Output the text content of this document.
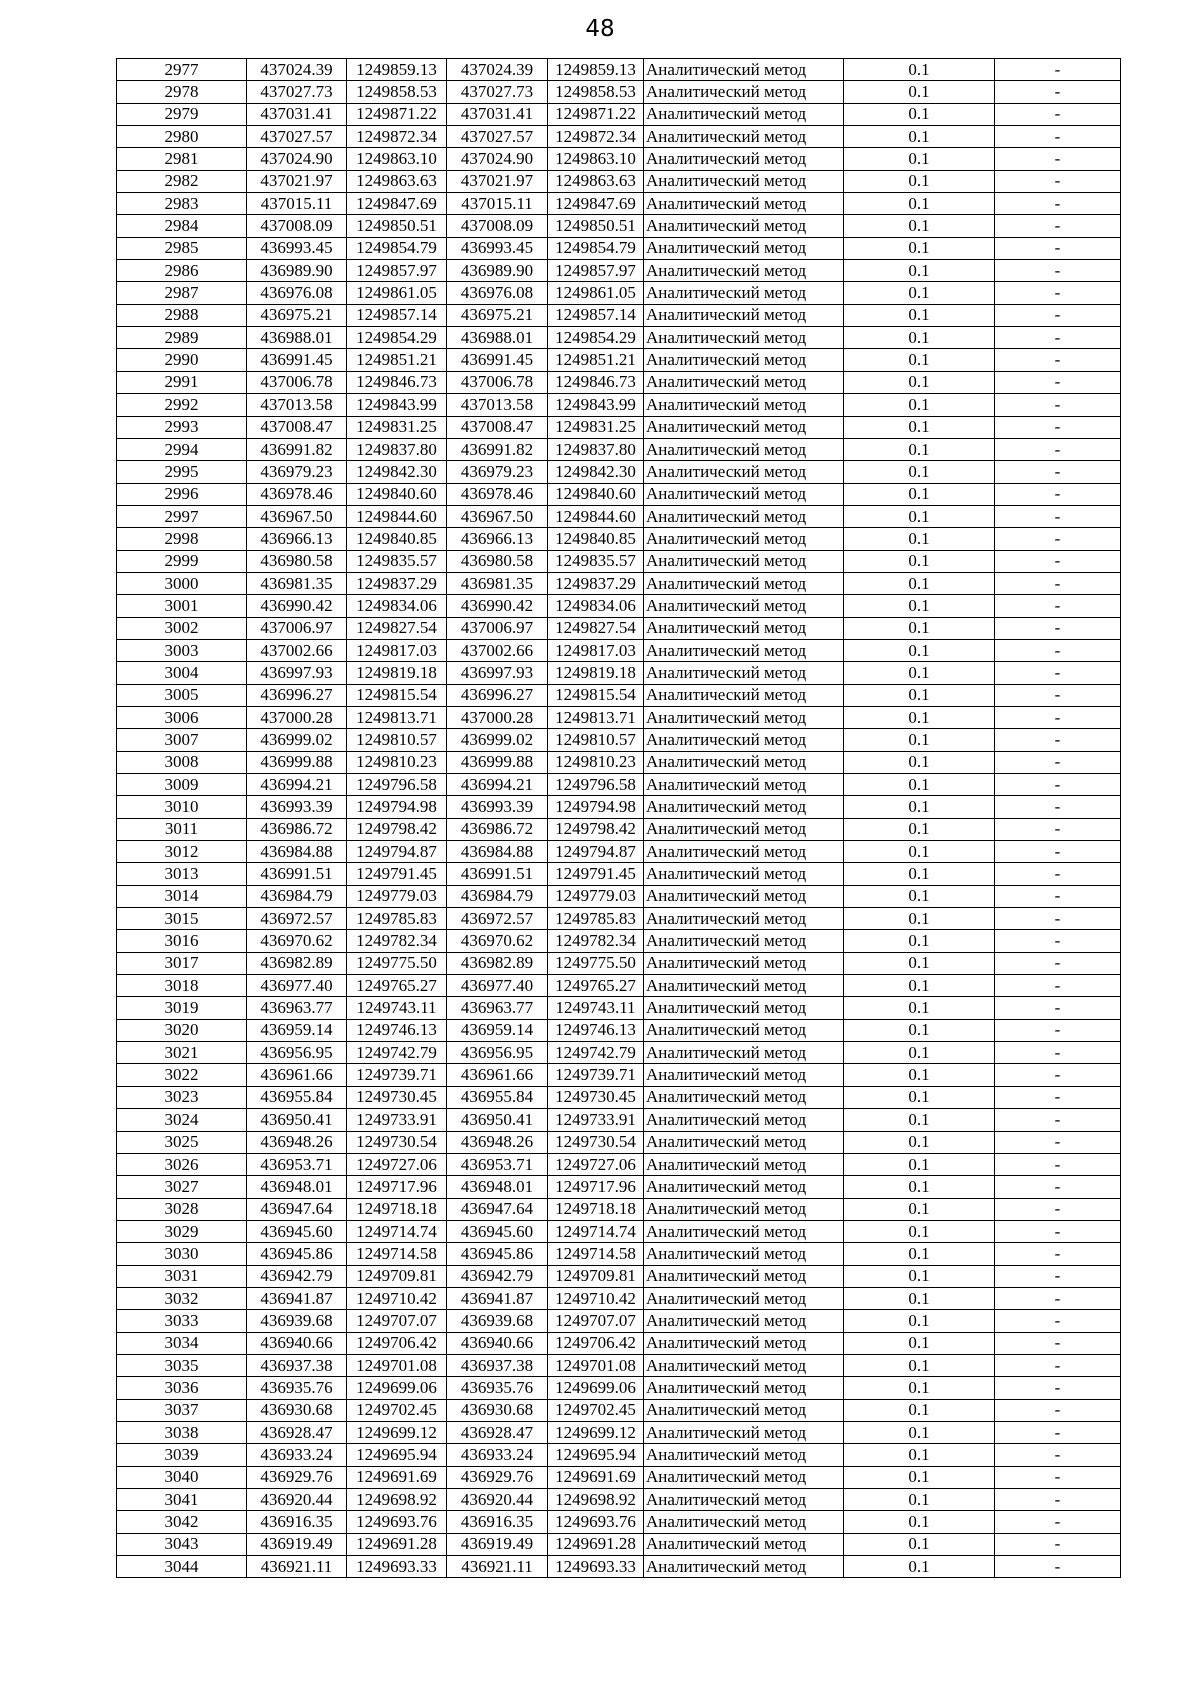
48
2977	437024.39	1249859.13	437024.39	1249859.13	Аналитический метод	0.1	-
2978	437027.73	1249858.53	437027.73	1249858.53	Аналитический метод	0.1	-
2979	437031.41	1249871.22	437031.41	1249871.22	Аналитический метод	0.1	-
2980	437027.57	1249872.34	437027.57	1249872.34	Аналитический метод	0.1	-
2981	437024.90	1249863.10	437024.90	1249863.10	Аналитический метод	0.1	-
2982	437021.97	1249863.63	437021.97	1249863.63	Аналитический метод	0.1	-
2983	437015.11	1249847.69	437015.11	1249847.69	Аналитический метод	0.1	-
2984	437008.09	1249850.51	437008.09	1249850.51	Аналитический метод	0.1	-
2985	436993.45	1249854.79	436993.45	1249854.79	Аналитический метод	0.1	-
2986	436989.90	1249857.97	436989.90	1249857.97	Аналитический метод	0.1	-
2987	436976.08	1249861.05	436976.08	1249861.05	Аналитический метод	0.1	-
2988	436975.21	1249857.14	436975.21	1249857.14	Аналитический метод	0.1	-
2989	436988.01	1249854.29	436988.01	1249854.29	Аналитический метод	0.1	-
2990	436991.45	1249851.21	436991.45	1249851.21	Аналитический метод	0.1	-
2991	437006.78	1249846.73	437006.78	1249846.73	Аналитический метод	0.1	-
2992	437013.58	1249843.99	437013.58	1249843.99	Аналитический метод	0.1	-
2993	437008.47	1249831.25	437008.47	1249831.25	Аналитический метод	0.1	-
2994	436991.82	1249837.80	436991.82	1249837.80	Аналитический метод	0.1	-
2995	436979.23	1249842.30	436979.23	1249842.30	Аналитический метод	0.1	-
2996	436978.46	1249840.60	436978.46	1249840.60	Аналитический метод	0.1	-
2997	436967.50	1249844.60	436967.50	1249844.60	Аналитический метод	0.1	-
2998	436966.13	1249840.85	436966.13	1249840.85	Аналитический метод	0.1	-
2999	436980.58	1249835.57	436980.58	1249835.57	Аналитический метод	0.1	-
3000	436981.35	1249837.29	436981.35	1249837.29	Аналитический метод	0.1	-
3001	436990.42	1249834.06	436990.42	1249834.06	Аналитический метод	0.1	-
3002	437006.97	1249827.54	437006.97	1249827.54	Аналитический метод	0.1	-
3003	437002.66	1249817.03	437002.66	1249817.03	Аналитический метод	0.1	-
3004	436997.93	1249819.18	436997.93	1249819.18	Аналитический метод	0.1	-
3005	436996.27	1249815.54	436996.27	1249815.54	Аналитический метод	0.1	-
3006	437000.28	1249813.71	437000.28	1249813.71	Аналитический метод	0.1	-
3007	436999.02	1249810.57	436999.02	1249810.57	Аналитический метод	0.1	-
3008	436999.88	1249810.23	436999.88	1249810.23	Аналитический метод	0.1	-
3009	436994.21	1249796.58	436994.21	1249796.58	Аналитический метод	0.1	-
3010	436993.39	1249794.98	436993.39	1249794.98	Аналитический метод	0.1	-
3011	436986.72	1249798.42	436986.72	1249798.42	Аналитический метод	0.1	-
3012	436984.88	1249794.87	436984.88	1249794.87	Аналитический метод	0.1	-
3013	436991.51	1249791.45	436991.51	1249791.45	Аналитический метод	0.1	-
3014	436984.79	1249779.03	436984.79	1249779.03	Аналитический метод	0.1	-
3015	436972.57	1249785.83	436972.57	1249785.83	Аналитический метод	0.1	-
3016	436970.62	1249782.34	436970.62	1249782.34	Аналитический метод	0.1	-
3017	436982.89	1249775.50	436982.89	1249775.50	Аналитический метод	0.1	-
3018	436977.40	1249765.27	436977.40	1249765.27	Аналитический метод	0.1	-
3019	436963.77	1249743.11	436963.77	1249743.11	Аналитический метод	0.1	-
3020	436959.14	1249746.13	436959.14	1249746.13	Аналитический метод	0.1	-
3021	436956.95	1249742.79	436956.95	1249742.79	Аналитический метод	0.1	-
3022	436961.66	1249739.71	436961.66	1249739.71	Аналитический метод	0.1	-
3023	436955.84	1249730.45	436955.84	1249730.45	Аналитический метод	0.1	-
3024	436950.41	1249733.91	436950.41	1249733.91	Аналитический метод	0.1	-
3025	436948.26	1249730.54	436948.26	1249730.54	Аналитический метод	0.1	-
3026	436953.71	1249727.06	436953.71	1249727.06	Аналитический метод	0.1	-
3027	436948.01	1249717.96	436948.01	1249717.96	Аналитический метод	0.1	-
3028	436947.64	1249718.18	436947.64	1249718.18	Аналитический метод	0.1	-
3029	436945.60	1249714.74	436945.60	1249714.74	Аналитический метод	0.1	-
3030	436945.86	1249714.58	436945.86	1249714.58	Аналитический метод	0.1	-
3031	436942.79	1249709.81	436942.79	1249709.81	Аналитический метод	0.1	-
3032	436941.87	1249710.42	436941.87	1249710.42	Аналитический метод	0.1	-
3033	436939.68	1249707.07	436939.68	1249707.07	Аналитический метод	0.1	-
3034	436940.66	1249706.42	436940.66	1249706.42	Аналитический метод	0.1	-
3035	436937.38	1249701.08	436937.38	1249701.08	Аналитический метод	0.1	-
3036	436935.76	1249699.06	436935.76	1249699.06	Аналитический метод	0.1	-
3037	436930.68	1249702.45	436930.68	1249702.45	Аналитический метод	0.1	-
3038	436928.47	1249699.12	436928.47	1249699.12	Аналитический метод	0.1	-
3039	436933.24	1249695.94	436933.24	1249695.94	Аналитический метод	0.1	-
3040	436929.76	1249691.69	436929.76	1249691.69	Аналитический метод	0.1	-
3041	436920.44	1249698.92	436920.44	1249698.92	Аналитический метод	0.1	-
3042	436916.35	1249693.76	436916.35	1249693.76	Аналитический метод	0.1	-
3043	436919.49	1249691.28	436919.49	1249691.28	Аналитический метод	0.1	-
3044	436921.11	1249693.33	436921.11	1249693.33	Аналитический метод	0.1	-
